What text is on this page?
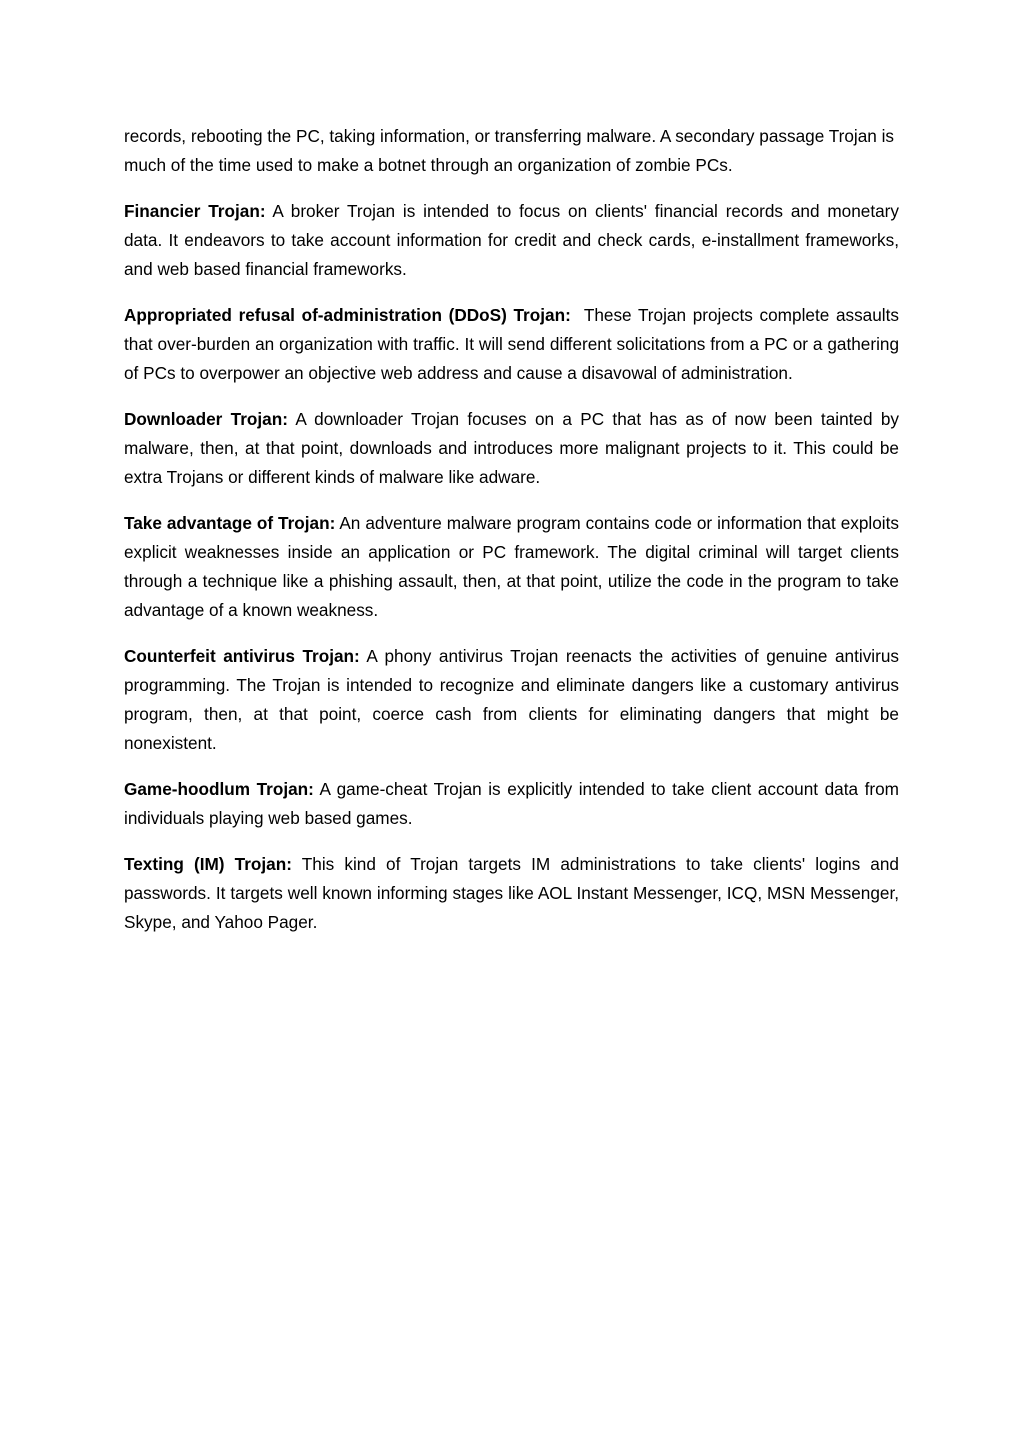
records, rebooting the PC, taking information, or transferring malware. A secondary passage Trojan is much of the time used to make a botnet through an organization of zombie PCs.

Financier Trojan: A broker Trojan is intended to focus on clients' financial records and monetary data. It endeavors to take account information for credit and check cards, e-installment frameworks, and web based financial frameworks.

Appropriated refusal of-administration (DDoS) Trojan:  These Trojan projects complete assaults that over-burden an organization with traffic. It will send different solicitations from a PC or a gathering of PCs to overpower an objective web address and cause a disavowal of administration.

Downloader Trojan: A downloader Trojan focuses on a PC that has as of now been tainted by malware, then, at that point, downloads and introduces more malignant projects to it. This could be extra Trojans or different kinds of malware like adware.

Take advantage of Trojan: An adventure malware program contains code or information that exploits explicit weaknesses inside an application or PC framework. The digital criminal will target clients through a technique like a phishing assault, then, at that point, utilize the code in the program to take advantage of a known weakness.

Counterfeit antivirus Trojan: A phony antivirus Trojan reenacts the activities of genuine antivirus programming. The Trojan is intended to recognize and eliminate dangers like a customary antivirus program, then, at that point, coerce cash from clients for eliminating dangers that might be nonexistent.

Game-hoodlum Trojan: A game-cheat Trojan is explicitly intended to take client account data from individuals playing web based games.

Texting (IM) Trojan: This kind of Trojan targets IM administrations to take clients' logins and passwords. It targets well known informing stages like AOL Instant Messenger, ICQ, MSN Messenger, Skype, and Yahoo Pager.
